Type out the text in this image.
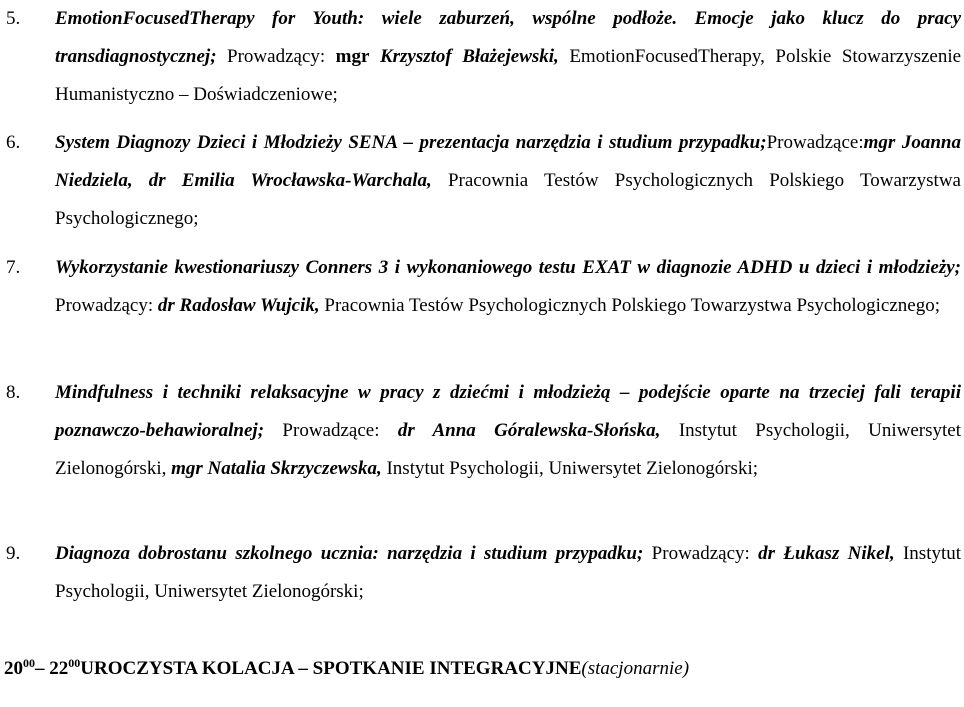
5. EmotionFocusedTherapy for Youth: wiele zaburzeń, wspólne podłoże. Emocje jako klucz do pracy transdiagnostycznej; Prowadzący: mgr Krzysztof Błażejewski, EmotionFocusedTherapy, Polskie Stowarzyszenie Humanistyczno – Doświadczeniowe;
6. System Diagnozy Dzieci i Młodzieży SENA – prezentacja narzędzia i studium przypadku;Prowadzące:mgr Joanna Niedziela, dr Emilia Wrocławska-Warchala, Pracownia Testów Psychologicznych Polskiego Towarzystwa Psychologicznego;
7. Wykorzystanie kwestionariuszy Conners 3 i wykonaniowego testu EXAT w diagnozie ADHD u dzieci i młodzieży; Prowadzący: dr Radosław Wujcik, Pracownia Testów Psychologicznych Polskiego Towarzystwa Psychologicznego;
8. Mindfulness i techniki relaksacyjne w pracy z dziećmi i młodzieżą – podejście oparte na trzeciej fali terapii poznawczo-behawioralnej; Prowadzące: dr Anna Góralewska-Słońska, Instytut Psychologii, Uniwersytet Zielonogórski, mgr Natalia Skrzyczewska, Instytut Psychologii, Uniwersytet Zielonogórski;
9. Diagnoza dobrostanu szkolnego ucznia: narzędzia i studium przypadku; Prowadzący: dr Łukasz Nikel, Instytut Psychologii, Uniwersytet Zielonogórski;
$20^{00}-$ $22^{00}UROCZYSTA$ KOLACJA – SPOTKANIE INTEGRACYJNE(stacjonarnie)
